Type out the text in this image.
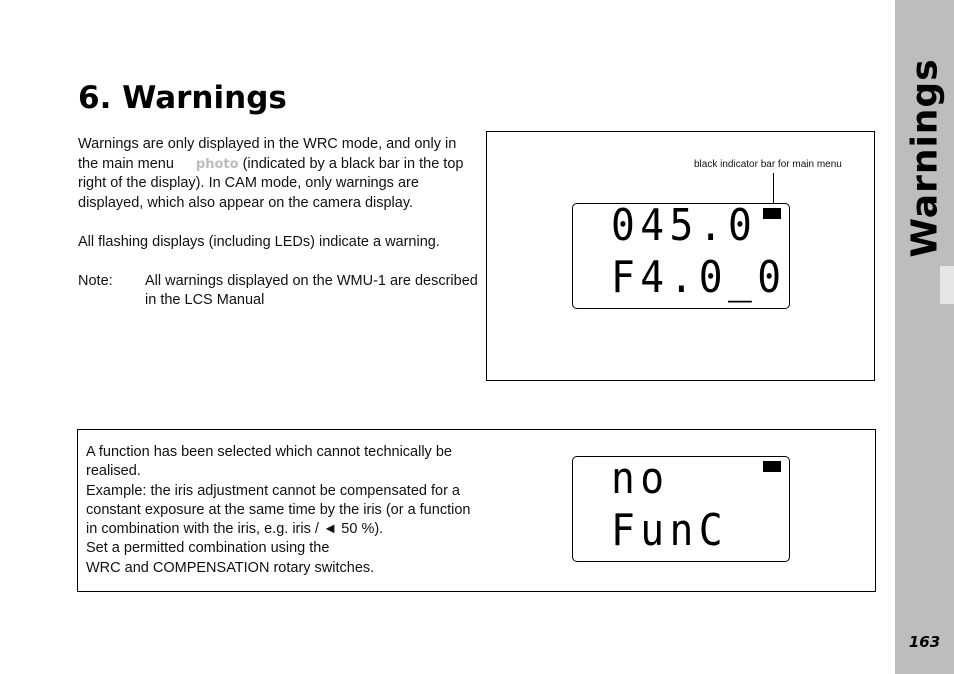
Warnings
163
6. Warnings

Warnings are only displayed in the WRC mode, and only in the main menu photo (indicated by a black bar in the top right of the display). In CAM mode, only warnings are displayed, which also appear on the camera display.

All flashing displays (including LEDs) indicate a warning.

Note:	All warnings displayed on the WMU-1 are described in the LCS Manual
black indicator bar for main menu
045.0
F4.0_0

A function has been selected which cannot technically be realised.

Example: the iris adjustment cannot be compensated for a constant exposure at the same time by the iris (or a function in combination with the iris, e.g. iris / ◄ 50 %).

Set a permitted combination using the

WRC and COMPENSATION rotary switches.

no
FunC
